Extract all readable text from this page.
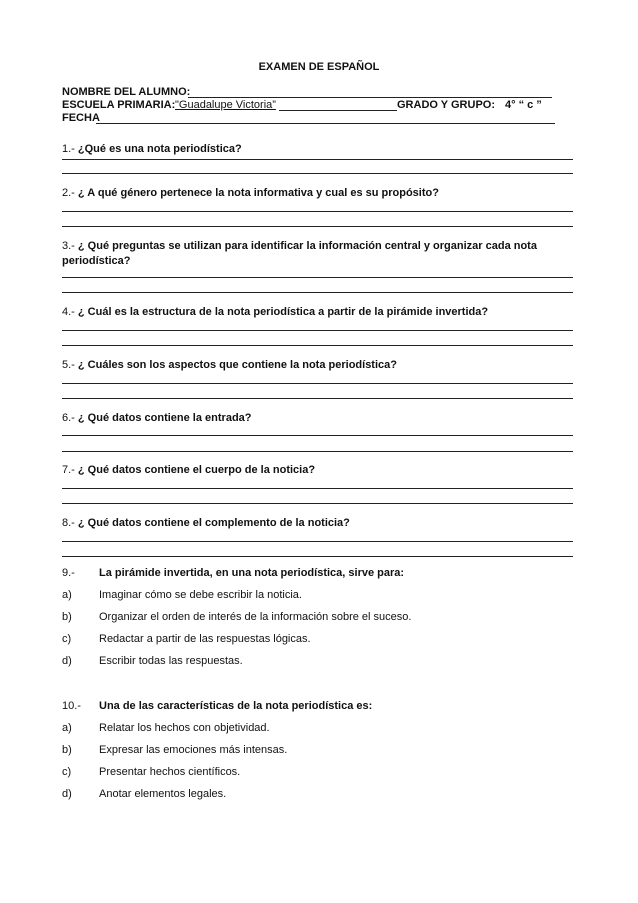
EXAMEN DE ESPAÑOL
NOMBRE DEL ALUMNO:
ESCUELA PRIMARIA: "Guadalupe Victoria”	GRADO Y GRUPO: 4° “ c ”
FECHA
1.- ¿Qué es una nota periodística?
2.- ¿ A qué género pertenece la nota informativa y cual es su propósito?
3.- ¿ Qué preguntas se utilizan para identificar la información central y organizar cada nota
periodística?
4.- ¿ Cuál es la estructura de la nota periodística a partir de la pirámide invertida?
5.- ¿ Cuáles son los aspectos que contiene la nota periodística?
6.- ¿ Qué datos contiene la entrada?
7.- ¿ Qué datos contiene el cuerpo de la noticia?
8.- ¿ Qué datos contiene el complemento de la noticia?
9.- La pirámide invertida, en una nota periodística, sirve para:
a) Imaginar cómo se debe escribir la noticia.
b) Organizar el orden de interés de la información sobre el suceso.
c)	Redactar a partir de las respuestas lógicas.
d) Escribir todas las respuestas.
10.- Una de las características de la nota periodística es:
a) Relatar los hechos con objetividad.
b) Expresar las emociones más intensas.
c)	Presentar hechos científicos.
d) Anotar elementos legales.
